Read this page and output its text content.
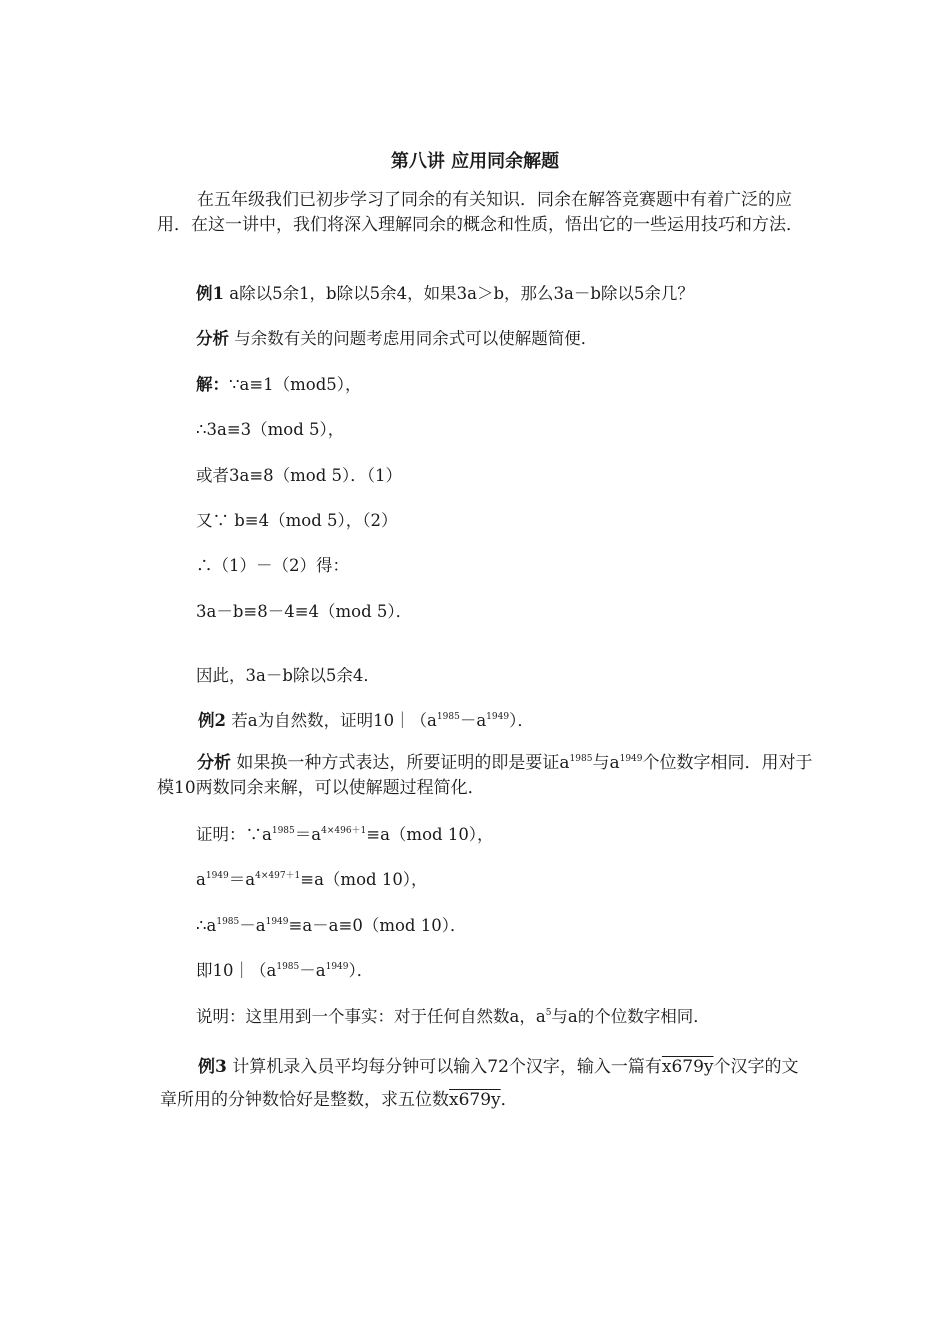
第八讲 应用同余解题
在五年级我们已初步学习了同余的有关知识．同余在解答竞赛题中有着广泛的应用．在这一讲中，我们将深入理解同余的概念和性质，悟出它的一些运用技巧和方法．
例1 a除以5余1，b除以5余4，如果3a＞b，那么3a－b除以5余几？
分析 与余数有关的问题考虑用同余式可以使解题简便．
解：∵a≡1（mod5），
∴3a≡3（mod 5），
或者3a≡8（mod 5）．（1）
又∵ b≡4（mod 5），（2）
∴（1）－（2）得：
3a－b≡8－4≡4（mod 5）．
因此，3a－b除以5余4．
例2 若a为自然数，证明$10|(a^{1985}-a^{1949})$．
分析 如果换一种方式表达，所要证明的即是要证$a^{1985}$与$a^{1949}$个位数字相同．用对于模10两数同余来解，可以使解题过程简化．
证明：$\because a^{1985}=a^{4\times 496+1}\equiv a(mod$ 10），
$a^{1949}=a^{4\times 497+1}\equiv a(mod$ 10），
$\therefore a^{1985}-a^{1949}\equiv a-a\equiv 0(mod$ 10）．
即$10|(a^{1985}-a^{1949})$．
说明：这里用到一个事实：对于任何自然数a，$a^5$与a的个位数字相同．
例3 计算机录入员平均每分钟可以输入72个汉字，输入一篇有x679y个汉字的文章所用的分钟数恰好是整数，求五位数x679y．
